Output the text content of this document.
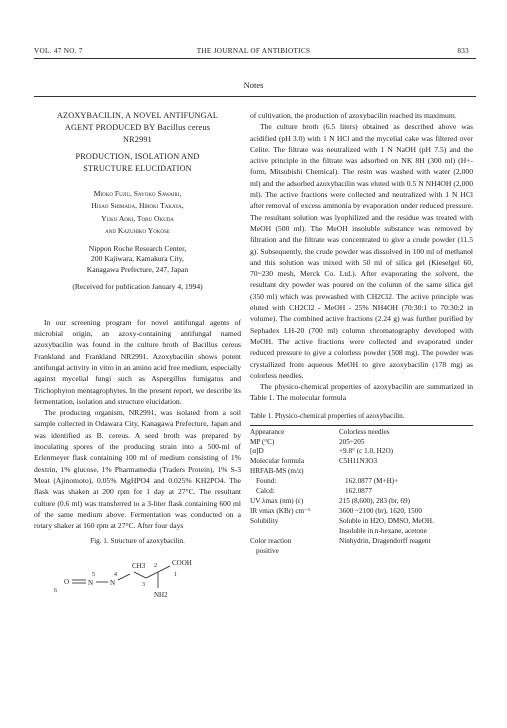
VOL. 47 NO. 7	THE JOURNAL OF ANTIBIOTICS	833
Notes
AZOXYBACILIN, A NOVEL ANTIFUNGAL
AGENT PRODUCED BY Bacillus cereus
NR2991
PRODUCTION, ISOLATION AND
STRUCTURE ELUCIDATION
Mioko Fujiu, Sayoko Sawairi,
Hisao Shimada, Hiroki Takaya,
Yuko Aoki, Toru Okuda
and Kazuhiko Yokose
Nippon Roche Research Center,
200 Kajiwara, Kamakura City,
Kanagawa Prefecture, 247, Japan
(Received for publication January 4, 1994)

In our screening program for novel antifungal agents of microbial origin, an azoxy-containing antifungal named azoxybacilin was found in the culture broth of Bacillus cereus Frankland and Frankland NR2991. Azoxybacilin shows potent antifungal activity in vitro in an amino acid free medium, especially against mycelial fungi such as Aspergillus fumigatus and Trichophyton mentagrophytes. In the present report, we describe its fermentation, isolation and structure elucidation.

The producing organism, NR2991, was isolated from a soil sample collected in Odawara City, Kanagawa Prefecture, Japan and was identified as B. cereus. A seed broth was prepared by inoculating spores of the producing strain into a 500-ml of Erlenmeyer flask containing 100 ml of medium consisting of 1% dextrin, 1% glucose, 1% Pharmamedia (Traders Protein), 1% S-3 Meat (Ajinomoto), 0.05% MgHPO4 and 0.025% KH2PO4. The flask was shaken at 200 rpm for 1 day at 27°C. The resultant culture (0.6 ml) was transferred to a 3-liter flask containing 600 ml of the same medium above. Fermentation was conducted on a rotary shaker at 160 rpm at 27°C. After four days

Fig. 1. Structure of azoxybacilin.
O	N N
5	4
CH3
3
2 COOH
NH2
1
6

of cultivation, the production of azoxybacilin reached its maximum.

The culture broth (6.5 liters) obtained as described above was acidified (pH 3.0) with 1 N HCl and the mycelial cake was filtered over Celite. The filtrate was neutralized with 1 N NaOH (pH 7.5) and the active principle in the filtrate was adsorbed on NK 8H (300 ml) (H+-form, Mitsubishi Chemical). The resin was washed with water (2,000 ml) and the adsorbed azoxybacilin was eluted with 0.5 N NH4OH (2,000 ml). The active fractions were collected and neutralized with 1 N HCl after removal of excess ammonia by evaporation under reduced pressure. The resultant solution was lyophilized and the residue was treated with MeOH (500 ml). The MeOH insoluble substance was removed by filtration and the filtrate was concentrated to give a crude powder (11.5 g). Subsequently, the crude powder was dissolved in 100 ml of methanol and this solution was mixed with 50 ml of silica gel (Kieselgel 60, 70~230 mesh, Merck Co. Ltd.). After evaporating the solvent, the resultant dry powder was poured on the column of the same silica gel (350 ml) which was prewashed with CH2Cl2. The active principle was eluted with CH2Cl2 - MeOH - 25% NH4OH (70:30:1 to 70:30:2 in volume). The combined active fractions (2.24 g) was further purified by Sephadex LH-20 (700 ml) column chromatography developed with MeOH. The active fractions were collected and evaporated under reduced pressure to give a colorless powder (508 mg). The powder was crystallized from aqueous MeOH to give azoxybacilin (178 mg) as colorless needles.

The physico-chemical properties of azoxybacilin are summarized in Table 1. The molecular formula

Table 1. Physico-chemical properties of azoxybacilin.
Appearance	Colorless needles
MP (°C)	205~205
[α]D	+9.8° (c 1.0, H2O)
Molecular formula	C5H11N3O3
HRFAB-MS (m/z)
Found:	162.0877 (M+H)+
Calcd:	162.0877
UV λmax (nm) (ε)	215 (8,600), 283 (br, 69)
IR νmax (KBr) cm⁻¹	3600 ~2100 (br), 1620, 1500
Solubility	Soluble in H2O, DMSO, MeOH.
Insoluble in n-hexane, acetone
Color reaction	Ninhydrin, Dragendorff reagent
positive
